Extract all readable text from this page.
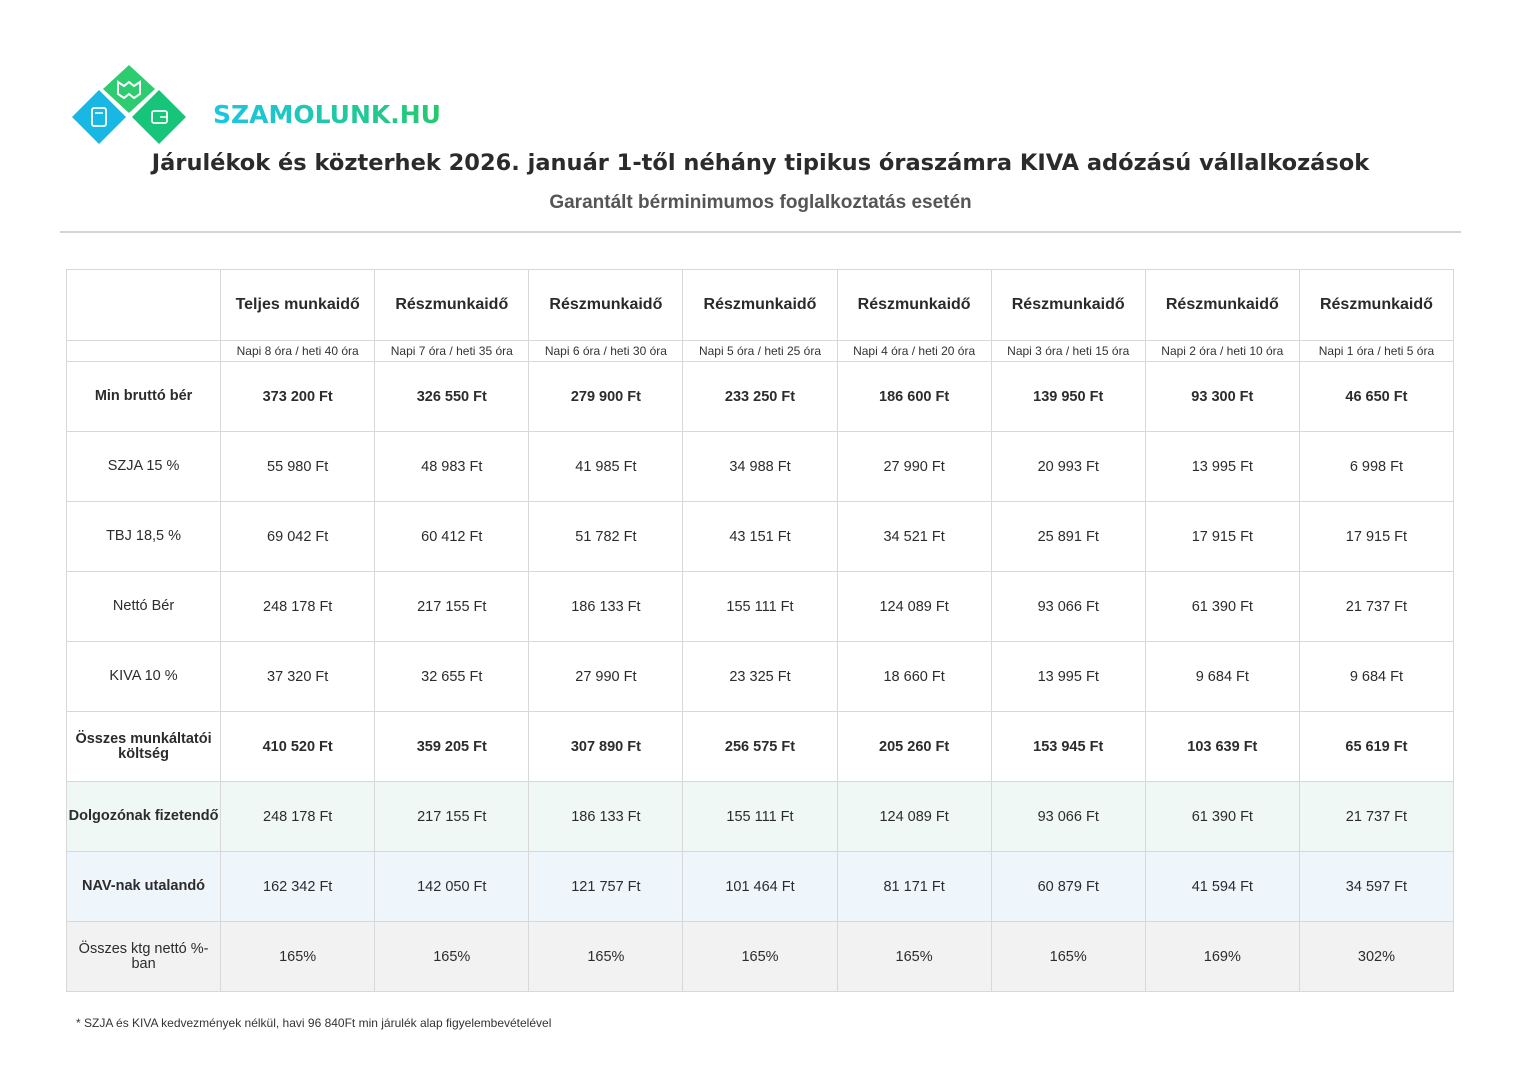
SZAMOLUNK.HU
Járulékok és közterhek 2026. január 1-től néhány tipikus óraszámra KIVA adózású vállalkozások
Garantált bérminimumos foglalkoztatás esetén
	Teljes munkaidő	Részmunkaidő	Részmunkaidő	Részmunkaidő	Részmunkaidő	Részmunkaidő	Részmunkaidő	Részmunkaidő
	Napi 8 óra / heti 40 óra	Napi 7 óra / heti 35 óra	Napi 6 óra / heti 30 óra	Napi 5 óra / heti 25 óra	Napi 4 óra / heti 20 óra	Napi 3 óra / heti 15 óra	Napi 2 óra / heti 10 óra	Napi 1 óra / heti 5 óra
Min bruttó bér	373 200 Ft	326 550 Ft	279 900 Ft	233 250 Ft	186 600 Ft	139 950 Ft	93 300 Ft	46 650 Ft
SZJA 15 %	55 980 Ft	48 983 Ft	41 985 Ft	34 988 Ft	27 990 Ft	20 993 Ft	13 995 Ft	6 998 Ft
TBJ 18,5 %	69 042 Ft	60 412 Ft	51 782 Ft	43 151 Ft	34 521 Ft	25 891 Ft	17 915 Ft	17 915 Ft
Nettó Bér	248 178 Ft	217 155 Ft	186 133 Ft	155 111 Ft	124 089 Ft	93 066 Ft	61 390 Ft	21 737 Ft
KIVA 10 %	37 320 Ft	32 655 Ft	27 990 Ft	23 325 Ft	18 660 Ft	13 995 Ft	9 684 Ft	9 684 Ft
Összes munkáltatói költség	410 520 Ft	359 205 Ft	307 890 Ft	256 575 Ft	205 260 Ft	153 945 Ft	103 639 Ft	65 619 Ft
Dolgozónak fizetendő	248 178 Ft	217 155 Ft	186 133 Ft	155 111 Ft	124 089 Ft	93 066 Ft	61 390 Ft	21 737 Ft
NAV-nak utalandó	162 342 Ft	142 050 Ft	121 757 Ft	101 464 Ft	81 171 Ft	60 879 Ft	41 594 Ft	34 597 Ft
Összes ktg nettó %-ban	165%	165%	165%	165%	165%	165%	169%	302%
* SZJA és KIVA kedvezmények nélkül, havi 96 840Ft min járulék alap figyelembevételével
